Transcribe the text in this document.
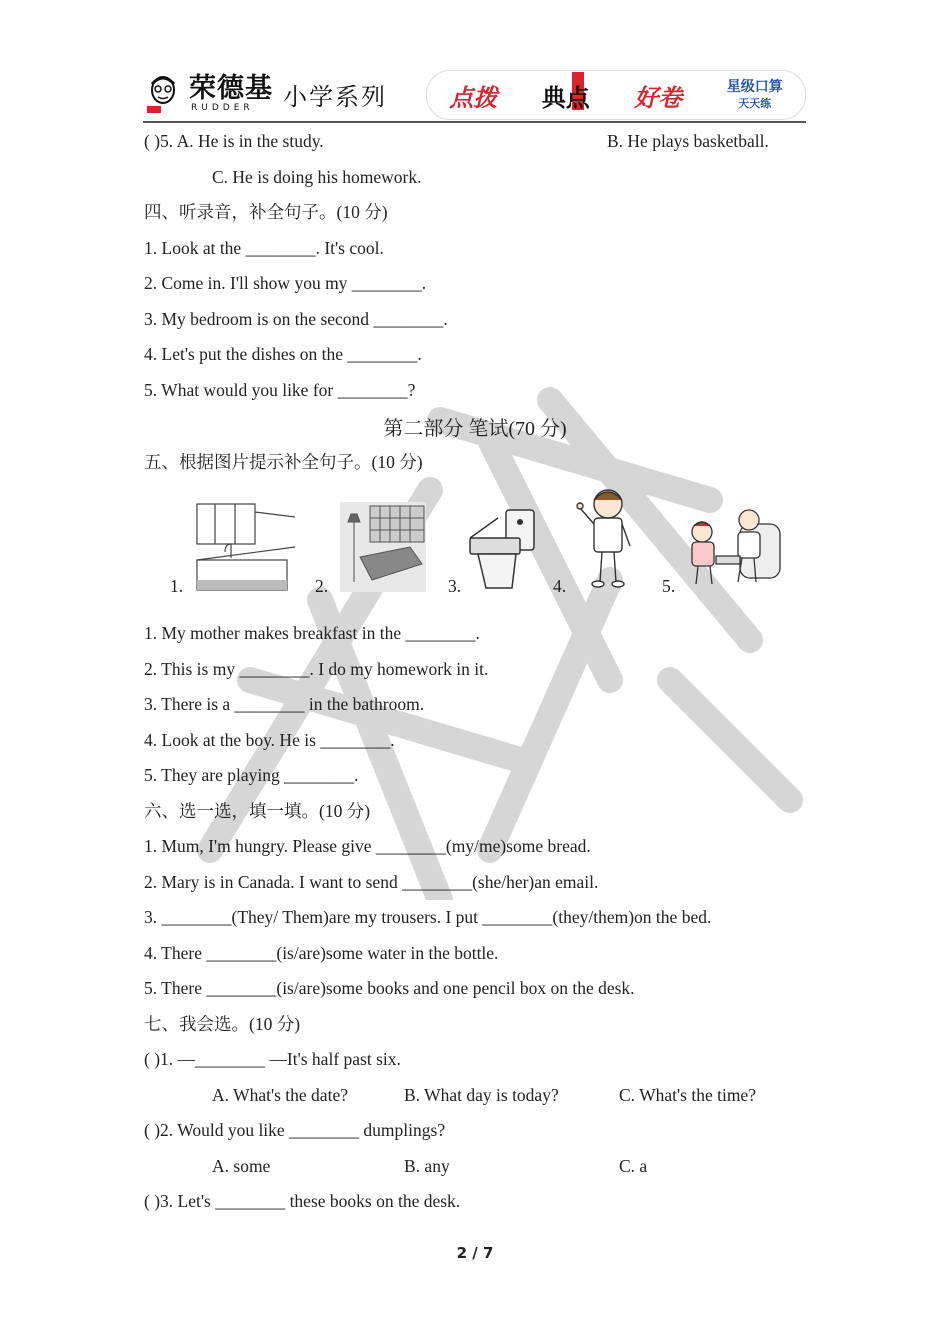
荣德基
RUDDER	小学系列	点拨 典点 好卷	星级口算
天天练
( )5. A. He is in the study.	B. He plays basketball.
C. He is doing his homework.
四、听录音，补全句子。(10 分)
1. Look at the ________. It's cool.
2. Come in. I'll show you my ________.
3. My bedroom is on the second ________.
4. Let's put the dishes on the ________.
5. What would you like for ________?
第二部分 笔试(70 分)
五、根据图片提示补全句子。(10 分)
1.	2.	3.	4.	5.
1. My mother makes breakfast in the ________.
2. This is my ________. I do my homework in it.
3. There is a ________ in the bathroom.
4. Look at the boy. He is ________.
5. They are playing ________.
六、选一选，填一填。(10 分)
1. Mum, I'm hungry. Please give ________(my/me)some bread.
2. Mary is in Canada. I want to send ________(she/her)an email.
3. ________(They/ Them)are my trousers. I put ________(they/them)on the bed.
4. There ________(is/are)some water in the bottle.
5. There ________(is/are)some books and one pencil box on the desk.
七、我会选。(10 分)
( )1. —________ —It's half past six.
A. What's the date?	B. What day is today?	C. What's the time?
( )2. Would you like ________ dumplings?
A. some	B. any	C. a
( )3. Let's ________ these books on the desk.
2 / 7
